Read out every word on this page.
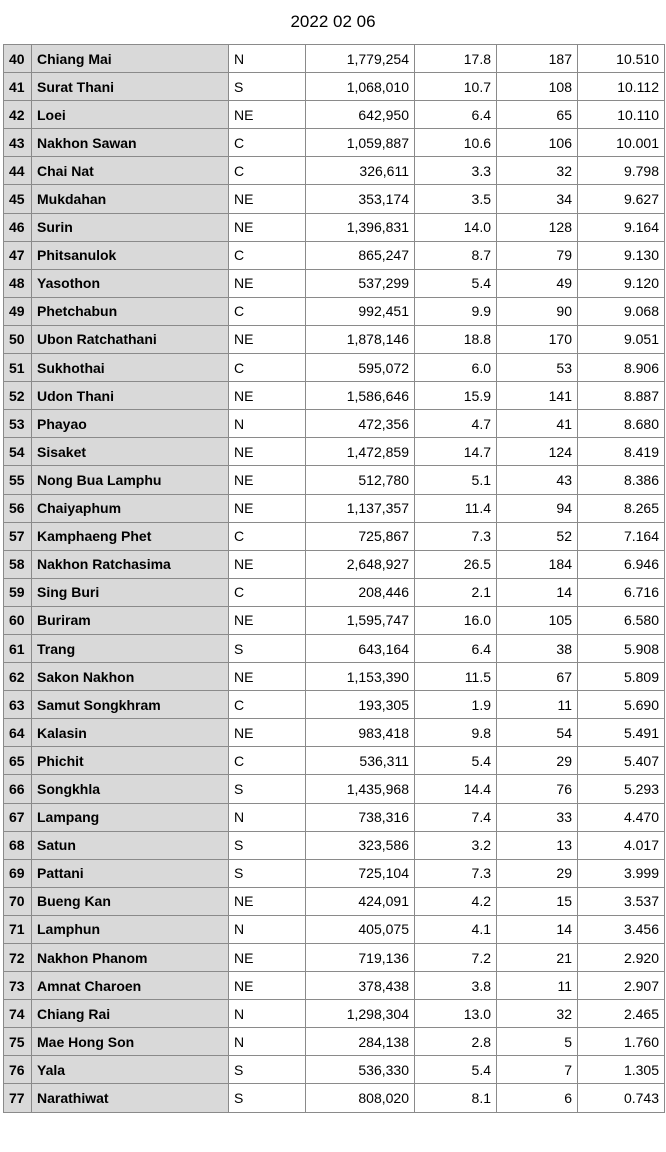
2022 02 06
40	Chiang Mai	N	1,779,254	17.8	187	10.510
41	Surat Thani	S	1,068,010	10.7	108	10.112
42	Loei	NE	642,950	6.4	65	10.110
43	Nakhon Sawan	C	1,059,887	10.6	106	10.001
44	Chai Nat	C	326,611	3.3	32	9.798
45	Mukdahan	NE	353,174	3.5	34	9.627
46	Surin	NE	1,396,831	14.0	128	9.164
47	Phitsanulok	C	865,247	8.7	79	9.130
48	Yasothon	NE	537,299	5.4	49	9.120
49	Phetchabun	C	992,451	9.9	90	9.068
50	Ubon Ratchathani	NE	1,878,146	18.8	170	9.051
51	Sukhothai	C	595,072	6.0	53	8.906
52	Udon Thani	NE	1,586,646	15.9	141	8.887
53	Phayao	N	472,356	4.7	41	8.680
54	Sisaket	NE	1,472,859	14.7	124	8.419
55	Nong Bua Lamphu	NE	512,780	5.1	43	8.386
56	Chaiyaphum	NE	1,137,357	11.4	94	8.265
57	Kamphaeng Phet	C	725,867	7.3	52	7.164
58	Nakhon Ratchasima	NE	2,648,927	26.5	184	6.946
59	Sing Buri	C	208,446	2.1	14	6.716
60	Buriram	NE	1,595,747	16.0	105	6.580
61	Trang	S	643,164	6.4	38	5.908
62	Sakon Nakhon	NE	1,153,390	11.5	67	5.809
63	Samut Songkhram	C	193,305	1.9	11	5.690
64	Kalasin	NE	983,418	9.8	54	5.491
65	Phichit	C	536,311	5.4	29	5.407
66	Songkhla	S	1,435,968	14.4	76	5.293
67	Lampang	N	738,316	7.4	33	4.470
68	Satun	S	323,586	3.2	13	4.017
69	Pattani	S	725,104	7.3	29	3.999
70	Bueng Kan	NE	424,091	4.2	15	3.537
71	Lamphun	N	405,075	4.1	14	3.456
72	Nakhon Phanom	NE	719,136	7.2	21	2.920
73	Amnat Charoen	NE	378,438	3.8	11	2.907
74	Chiang Rai	N	1,298,304	13.0	32	2.465
75	Mae Hong Son	N	284,138	2.8	5	1.760
76	Yala	S	536,330	5.4	7	1.305
77	Narathiwat	S	808,020	8.1	6	0.743
